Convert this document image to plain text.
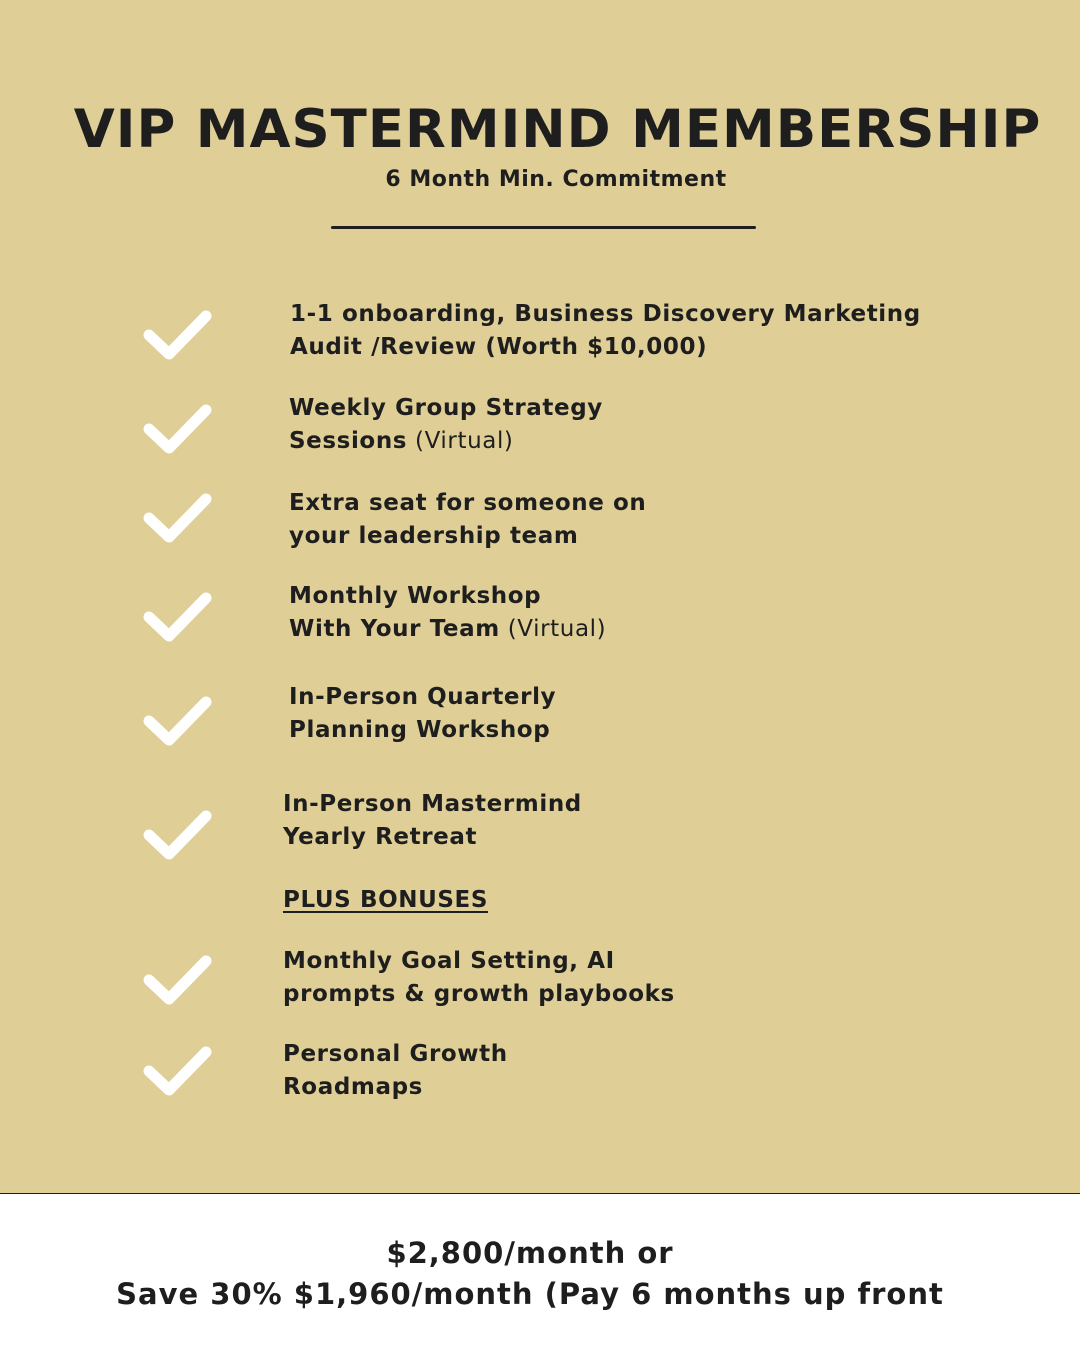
VIP MASTERMIND MEMBERSHIP
6 Month Min. Commitment
1-1 onboarding, Business Discovery Marketing
Audit /Review (Worth $10,000)
Weekly Group Strategy
Sessions (Virtual)
Extra seat for someone on
your leadership team
Monthly Workshop
With Your Team (Virtual)
In-Person Quarterly
Planning Workshop
In-Person Mastermind
Yearly Retreat
PLUS BONUSES
Monthly Goal Setting, AI
prompts & growth playbooks
Personal Growth
Roadmaps
$2,800/month or
Save 30% $1,960/month (Pay 6 months up front
